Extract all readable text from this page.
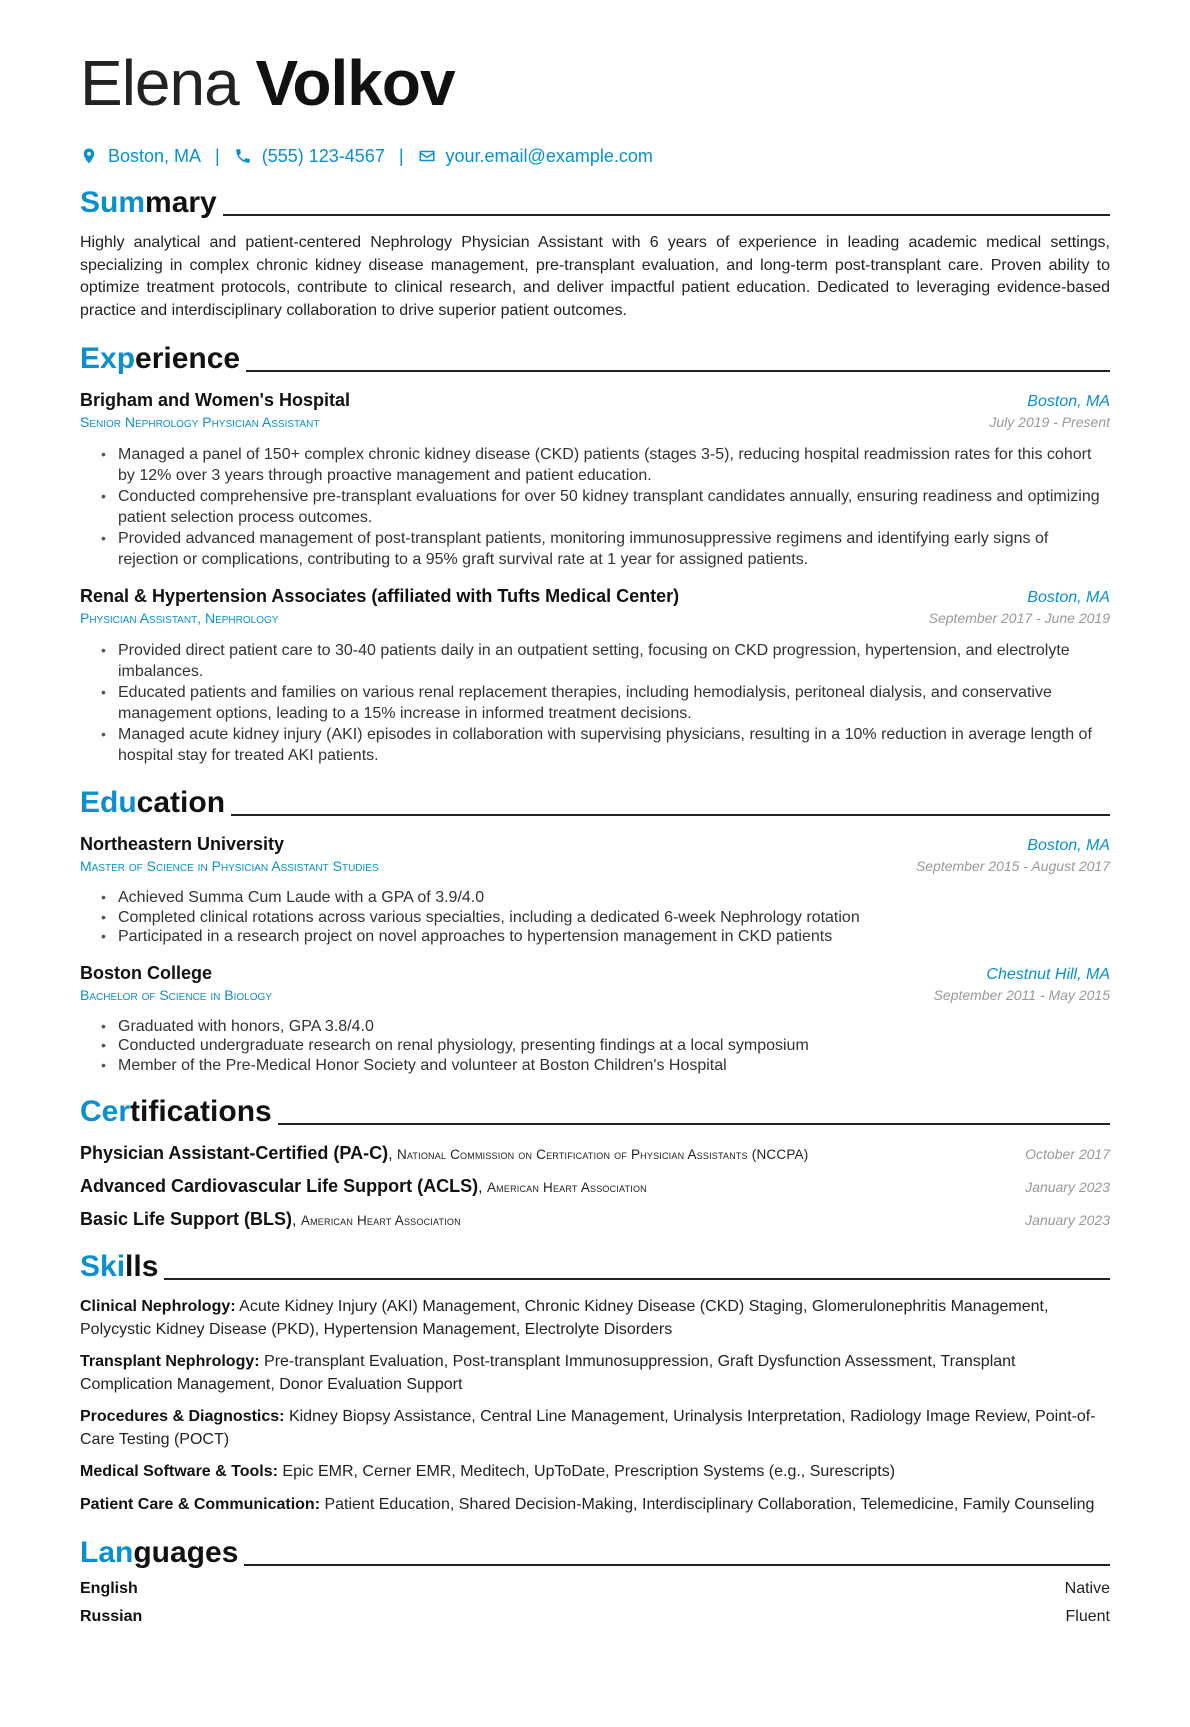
Elena Volkov
Boston, MA | (555) 123-4567 | your.email@example.com
Summary
Highly analytical and patient-centered Nephrology Physician Assistant with 6 years of experience in leading academic medical settings, specializing in complex chronic kidney disease management, pre-transplant evaluation, and long-term post-transplant care. Proven ability to optimize treatment protocols, contribute to clinical research, and deliver impactful patient education. Dedicated to leveraging evidence-based practice and interdisciplinary collaboration to drive superior patient outcomes.
Experience
Brigham and Women's Hospital	Boston, MA
Senior Nephrology Physician Assistant	July 2019 - Present
• Managed a panel of 150+ complex chronic kidney disease (CKD) patients (stages 3-5), reducing hospital readmission rates for this cohort by 12% over 3 years through proactive management and patient education.
• Conducted comprehensive pre-transplant evaluations for over 50 kidney transplant candidates annually, ensuring readiness and optimizing patient selection process outcomes.
• Provided advanced management of post-transplant patients, monitoring immunosuppressive regimens and identifying early signs of rejection or complications, contributing to a 95% graft survival rate at 1 year for assigned patients.
Renal & Hypertension Associates (affiliated with Tufts Medical Center)	Boston, MA
Physician Assistant, Nephrology	September 2017 - June 2019
• Provided direct patient care to 30-40 patients daily in an outpatient setting, focusing on CKD progression, hypertension, and electrolyte imbalances.
• Educated patients and families on various renal replacement therapies, including hemodialysis, peritoneal dialysis, and conservative management options, leading to a 15% increase in informed treatment decisions.
• Managed acute kidney injury (AKI) episodes in collaboration with supervising physicians, resulting in a 10% reduction in average length of hospital stay for treated AKI patients.
Education
Northeastern University	Boston, MA
Master of Science in Physician Assistant Studies	September 2015 - August 2017
• Achieved Summa Cum Laude with a GPA of 3.9/4.0
• Completed clinical rotations across various specialties, including a dedicated 6-week Nephrology rotation
• Participated in a research project on novel approaches to hypertension management in CKD patients
Boston College	Chestnut Hill, MA
Bachelor of Science in Biology	September 2011 - May 2015
• Graduated with honors, GPA 3.8/4.0
• Conducted undergraduate research on renal physiology, presenting findings at a local symposium
• Member of the Pre-Medical Honor Society and volunteer at Boston Children's Hospital
Certifications
Physician Assistant-Certified (PA-C), National Commission on Certification of Physician Assistants (NCCPA)	October 2017
Advanced Cardiovascular Life Support (ACLS), American Heart Association	January 2023
Basic Life Support (BLS), American Heart Association	January 2023
Skills
Clinical Nephrology: Acute Kidney Injury (AKI) Management, Chronic Kidney Disease (CKD) Staging, Glomerulonephritis Management, Polycystic Kidney Disease (PKD), Hypertension Management, Electrolyte Disorders
Transplant Nephrology: Pre-transplant Evaluation, Post-transplant Immunosuppression, Graft Dysfunction Assessment, Transplant Complication Management, Donor Evaluation Support
Procedures & Diagnostics: Kidney Biopsy Assistance, Central Line Management, Urinalysis Interpretation, Radiology Image Review, Point-of-Care Testing (POCT)
Medical Software & Tools: Epic EMR, Cerner EMR, Meditech, UpToDate, Prescription Systems (e.g., Surescripts)
Patient Care & Communication: Patient Education, Shared Decision-Making, Interdisciplinary Collaboration, Telemedicine, Family Counseling
Languages
English	Native
Russian	Fluent
